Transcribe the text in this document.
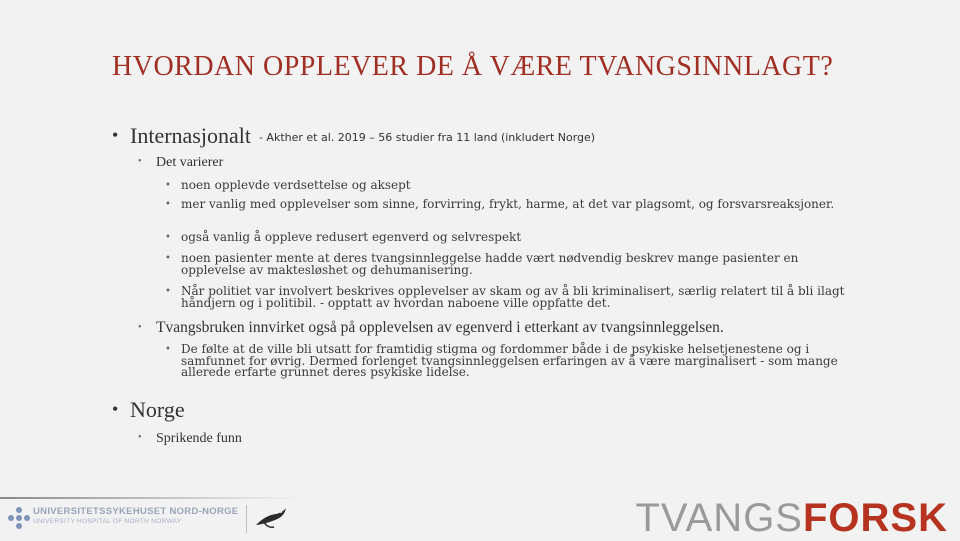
HVORDAN OPPLEVER DE Å VÆRE TVANGSINNLAGT?
• Internasjonalt - Akther et al. 2019 – 56 studier fra 11 land (inkludert Norge)
• Det varierer
• noen opplevde verdsettelse og aksept
• mer vanlig med opplevelser som sinne, forvirring, frykt, harme, at det var plagsomt, og forsvarsreaksjoner.
• også vanlig å oppleve redusert egenverd og selvrespekt
• noen pasienter mente at deres tvangsinnleggelse hadde vært nødvendig beskrev mange pasienter en opplevelse av maktesløshet og dehumanisering.
• Når politiet var involvert beskrives opplevelser av skam og av å bli kriminalisert, særlig relatert til å bli ilagt håndjern og i politibil. - opptatt av hvordan naboene ville oppfatte det.
• Tvangsbruken innvirket også på opplevelsen av egenverd i etterkant av tvangsinnleggelsen.
• De følte at de ville bli utsatt for framtidig stigma og fordommer både i de psykiske helsetjenestene og i samfunnet for øvrig. Dermed forlenget tvangsinnleggelsen erfaringen av å være marginalisert - som mange allerede erfarte grunnet deres psykiske lidelse.
• Norge
• Sprikende funn
UNIVERSITETSSYKEHUSET NORD-NORGE
UNIVERSITY HOSPITAL OF NORTH NORWAY	TVANGSFORSK
